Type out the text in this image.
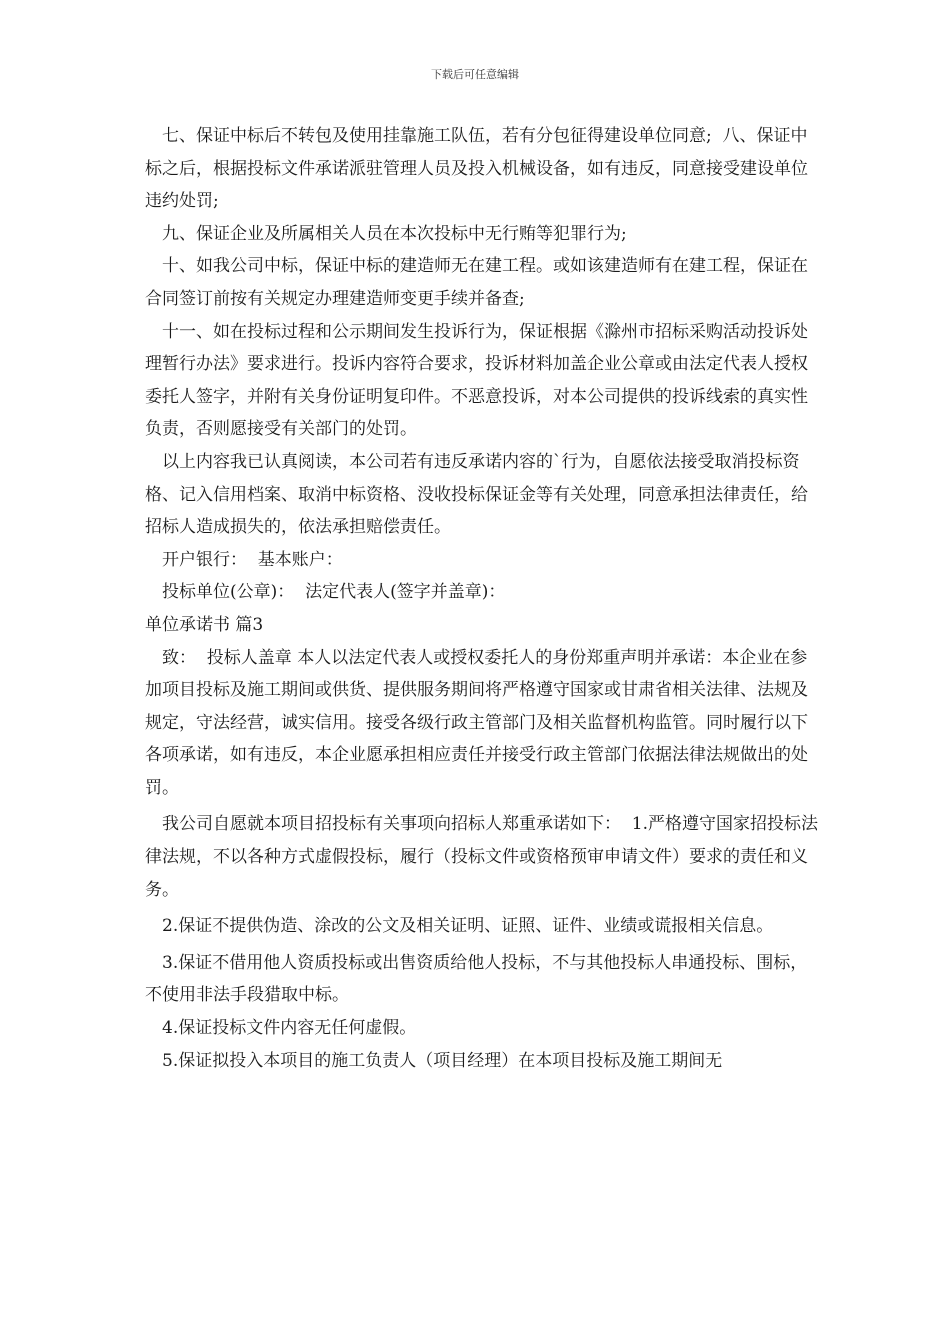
下载后可任意编辑

七、保证中标后不转包及使用挂靠施工队伍，若有分包征得建设单位同意;  八、保证中标之后，根据投标文件承诺派驻管理人员及投入机械设备，如有违反，同意接受建设单位违约处罚;

九、保证企业及所属相关人员在本次投标中无行贿等犯罪行为;

十、如我公司中标，保证中标的建造师无在建工程。或如该建造师有在建工程，保证在合同签订前按有关规定办理建造师变更手续并备查;

十一、如在投标过程和公示期间发生投诉行为，保证根据《滁州市招标采购活动投诉处理暂行办法》要求进行。投诉内容符合要求，投诉材料加盖企业公章或由法定代表人授权委托人签字，并附有关身份证明复印件。不恶意投诉，对本公司提供的投诉线索的真实性负责，否则愿接受有关部门的处罚。

以上内容我已认真阅读，本公司若有违反承诺内容的`行为，自愿依法接受取消投标资格、记入信用档案、取消中标资格、没收投标保证金等有关处理，同意承担法律责任，给招标人造成损失的，依法承担赔偿责任。

开户银行：  基本账户：

投标单位(公章)：  法定代表人(签字并盖章)：

单位承诺书 篇3

致：  投标人盖章 本人以法定代表人或授权委托人的身份郑重声明并承诺：本企业在参加项目投标及施工期间或供货、提供服务期间将严格遵守国家或甘肃省相关法律、法规及规定，守法经营，诚实信用。接受各级行政主管部门及相关监督机构监管。同时履行以下各项承诺，如有违反，本企业愿承担相应责任并接受行政主管部门依据法律法规做出的处罚。

我公司自愿就本项目招投标有关事项向招标人郑重承诺如下：  1.严格遵守国家招投标法律法规，不以各种方式虚假投标，履行（投标文件或资格预审申请文件）要求的责任和义务。

2.保证不提供伪造、涂改的公文及相关证明、证照、证件、业绩或谎报相关信息。

3.保证不借用他人资质投标或出售资质给他人投标，不与其他投标人串通投标、围标，不使用非法手段猎取中标。

4.保证投标文件内容无任何虚假。

5.保证拟投入本项目的施工负责人（项目经理）在本项目投标及施工期间无
